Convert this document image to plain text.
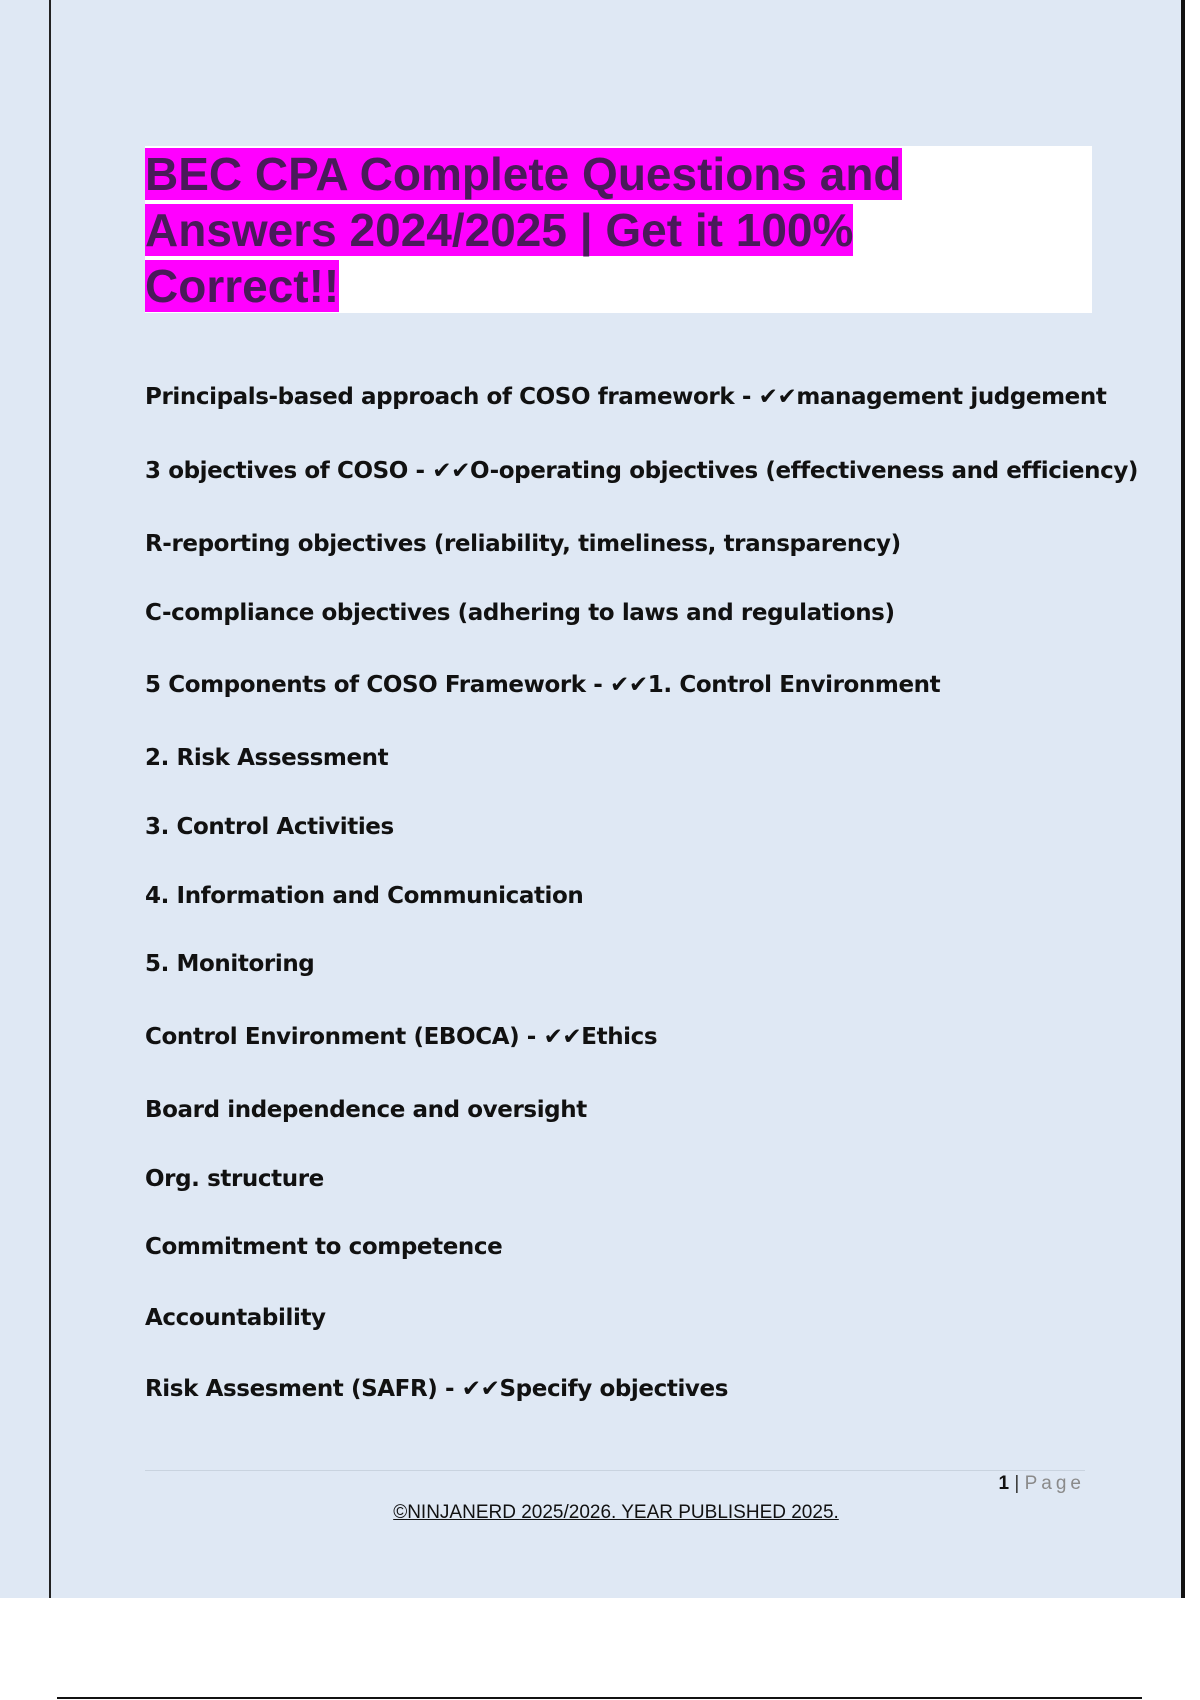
BEC CPA Complete Questions and
Answers 2024/2025 | Get it 100%
Correct!!
Principals-based approach of COSO framework - ✔✔management judgement
3 objectives of COSO - ✔✔O-operating objectives (effectiveness and efficiency)
R-reporting objectives (reliability, timeliness, transparency)
C-compliance objectives (adhering to laws and regulations)
5 Components of COSO Framework - ✔✔1. Control Environment
2. Risk Assessment
3. Control Activities
4. Information and Communication
5. Monitoring
Control Environment (EBOCA) - ✔✔Ethics
Board independence and oversight
Org. structure
Commitment to competence
Accountability
Risk Assesment (SAFR) - ✔✔Specify objectives
1 | Page
©NINJANERD 2025/2026. YEAR PUBLISHED 2025.
